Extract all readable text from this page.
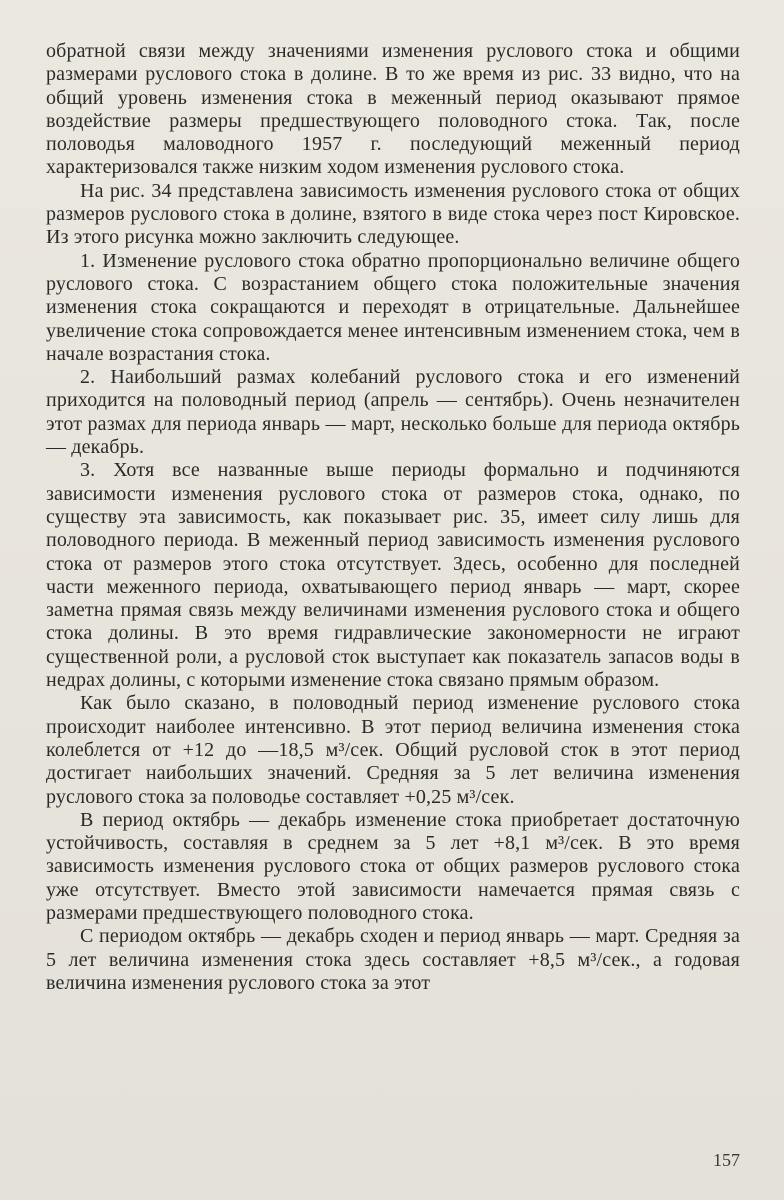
обратной связи между значениями изменения руслового стока и общими размерами руслового стока в долине. В то же время из рис. 33 видно, что на общий уровень изменения стока в меженный период оказывают прямое воздействие размеры предшествующего половодного стока. Так, после половодья маловодного 1957 г. последующий меженный период характеризовался также низким ходом изменения руслового стока.

На рис. 34 представлена зависимость изменения руслового стока от общих размеров руслового стока в долине, взятого в виде стока через пост Кировское. Из этого рисунка можно заключить следующее.

1. Изменение руслового стока обратно пропорционально величине общего руслового стока. С возрастанием общего стока положительные значения изменения стока сокращаются и переходят в отрицательные. Дальнейшее увеличение стока сопровождается менее интенсивным изменением стока, чем в начале возрастания стока.

2. Наибольший размах колебаний руслового стока и его изменений приходится на половодный период (апрель — сентябрь). Очень незначителен этот размах для периода январь — март, несколько больше для периода октябрь — декабрь.

3. Хотя все названные выше периоды формально и подчиняются зависимости изменения руслового стока от размеров стока, однако, по существу эта зависимость, как показывает рис. 35, имеет силу лишь для половодного периода. В меженный период зависимость изменения руслового стока от размеров этого стока отсутствует. Здесь, особенно для последней части меженного периода, охватывающего период январь — март, скорее заметна прямая связь между величинами изменения руслового стока и общего стока долины. В это время гидравлические закономерности не играют существенной роли, а русловой сток выступает как показатель запасов воды в недрах долины, с которыми изменение стока связано прямым образом.

Как было сказано, в половодный период изменение руслового стока происходит наиболее интенсивно. В этот период величина изменения стока колеблется от +12 до —18,5 м³/сек. Общий русловой сток в этот период достигает наибольших значений. Средняя за 5 лет величина изменения руслового стока за половодье составляет +0,25 м³/сек.

В период октябрь — декабрь изменение стока приобретает достаточную устойчивость, составляя в среднем за 5 лет +8,1 м³/сек. В это время зависимость изменения руслового стока от общих размеров руслового стока уже отсутствует. Вместо этой зависимости намечается прямая связь с размерами предшествующего половодного стока.

С периодом октябрь — декабрь сходен и период январь — март. Средняя за 5 лет величина изменения стока здесь составляет +8,5 м³/сек., а годовая величина изменения руслового стока за этот

157
